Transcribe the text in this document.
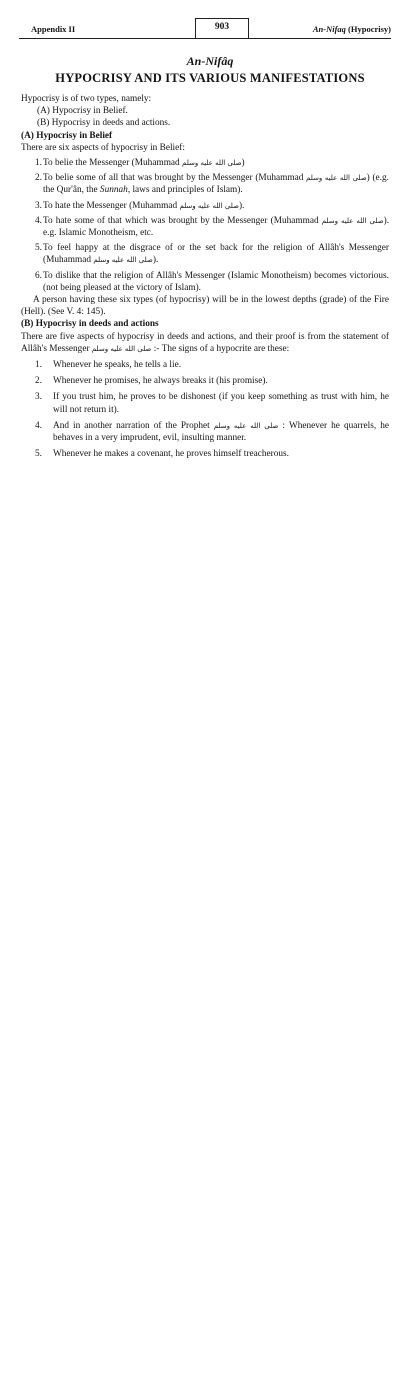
Appendix II	903	An-Nifaq (Hypocrisy)
An-Nifâq
HYPOCRISY AND ITS VARIOUS MANIFESTATIONS

Hypocrisy is of two types, namely:

(A) Hypocrisy in Belief.

(B) Hypocrisy in deeds and actions.

(A) Hypocrisy in Belief

There are six aspects of hypocrisy in Belief:

1. To belie the Messenger (Muhammad صلى الله عليه وسلم)
2. To belie some of all that was brought by the Messenger (Muhammad صلى الله عليه وسلم) (e.g. the Qur'ân, the Sunnah, laws and principles of Islam).
3. To hate the Messenger (Muhammad صلى الله عليه وسلم).
4. To hate some of that which was brought by the Messenger (Muhammad صلى الله عليه وسلم). e.g. Islamic Monotheism, etc.
5. To feel happy at the disgrace of or the set back for the religion of Allâh's Messenger (Muhammad صلى الله عليه وسلم).
6. To dislike that the religion of Allâh's Messenger (Islamic Monotheism) becomes victorious. (not being pleased at the victory of Islam).

A person having these six types (of hypocrisy) will be in the lowest depths (grade) of the Fire (Hell). (See V. 4: 145).

(B) Hypocrisy in deeds and actions

There are five aspects of hypocrisy in deeds and actions, and their proof is from the statement of Allâh's Messenger صلى الله عليه وسلم :- The signs of a hypocrite are these:

1.	Whenever he speaks, he tells a lie.
2.	Whenever he promises, he always breaks it (his promise).
3.	If you trust him, he proves to be dishonest (if you keep something as trust with him, he will not return it).
4.	And in another narration of the Prophet صلى الله عليه وسلم : Whenever he quarrels, he behaves in a very imprudent, evil, insulting manner.
5.	Whenever he makes a covenant, he proves himself treacherous.
